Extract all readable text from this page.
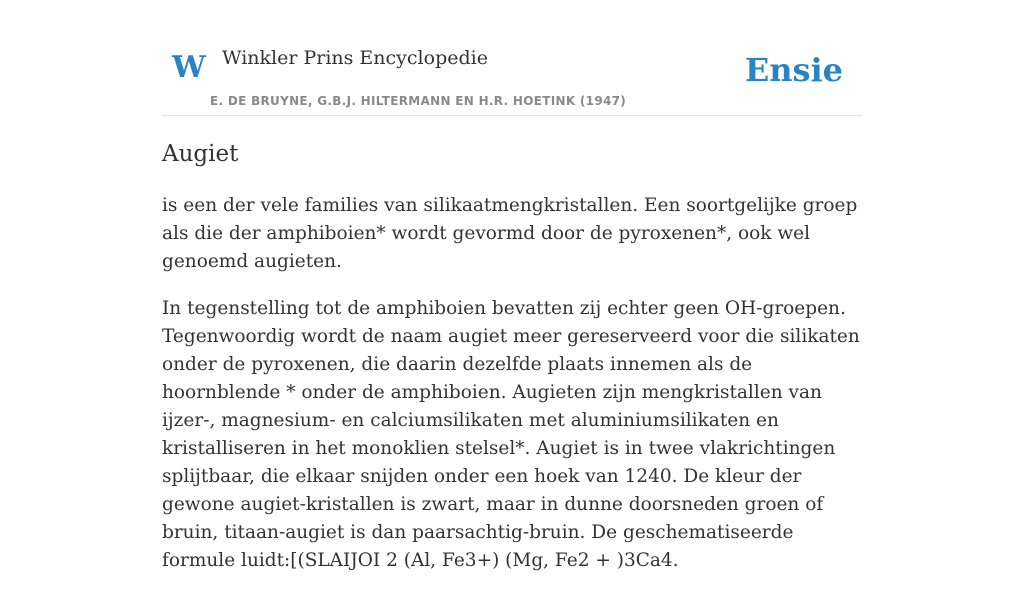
W Winkler Prins Encyclopedie	Ensie
E. DE BRUYNE, G.B.J. HILTERMANN EN H.R. HOETINK (1947)
Augiet

is een der vele families van silikaatmengkristallen. Een soortgelijke groep als die der amphiboien* wordt gevormd door de pyroxenen*, ook wel genoemd augieten.

In tegenstelling tot de amphiboien bevatten zij echter geen OH-groepen. Tegenwoordig wordt de naam augiet meer gereserveerd voor die silikaten onder de pyroxenen, die daarin dezelfde plaats innemen als de hoornblende * onder de amphiboien. Augieten zijn mengkristallen van ijzer-, magnesium- en calciumsilikaten met aluminiumsilikaten en kristalliseren in het monoklien stelsel*. Augiet is in twee vlakrichtingen splijtbaar, die elkaar snijden onder een hoek van 1240. De kleur der gewone augiet-kristallen is zwart, maar in dunne doorsneden groen of bruin, titaan-augiet is dan paarsachtig-bruin. De geschematiseerde formule luidt:[(SLAIJOI 2 (Al, Fe3+) (Mg, Fe2 + )3Ca4.
